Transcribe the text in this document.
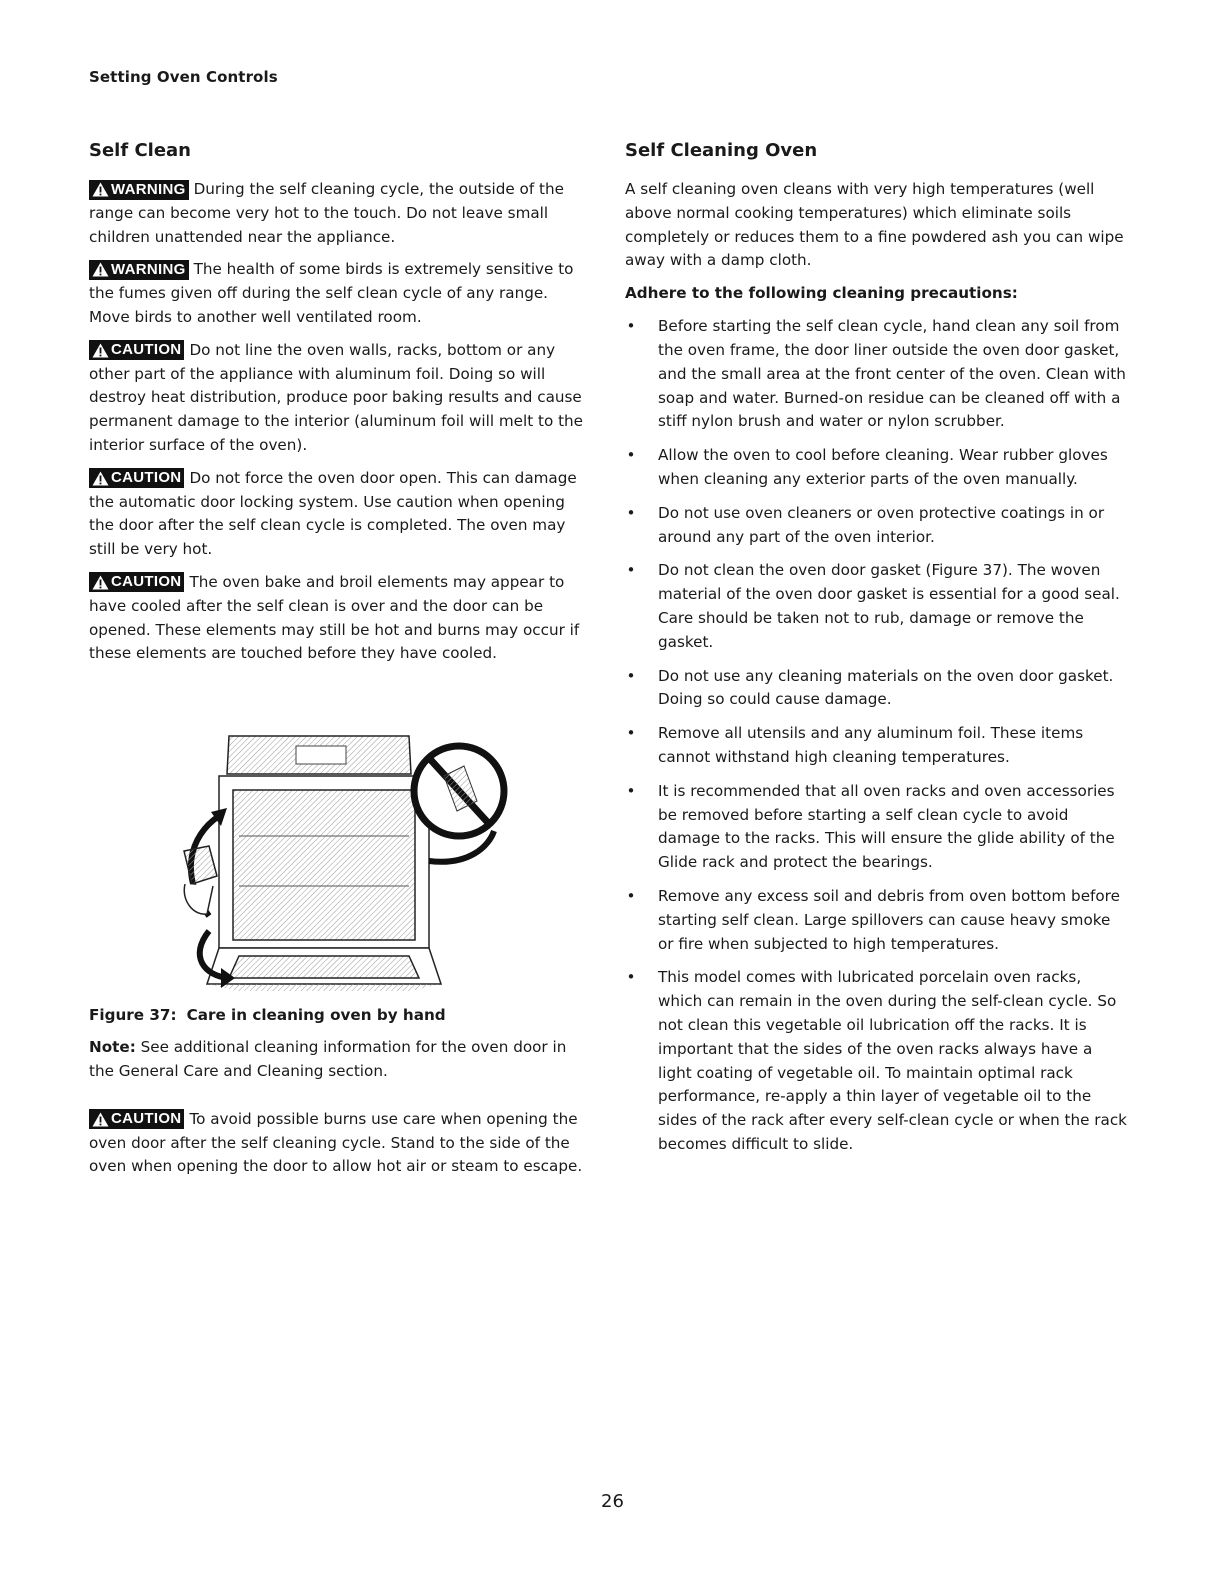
Setting Oven Controls
Self Clean

WARNING During the self cleaning cycle, the outside of the range can become very hot to the touch. Do not leave small children unattended near the appliance.

WARNING The health of some birds is extremely sensitive to the fumes given off during the self clean cycle of any range. Move birds to another well ventilated room.

CAUTION Do not line the oven walls, racks, bottom or any other part of the appliance with aluminum foil. Doing so will destroy heat distribution, produce poor baking results and cause permanent damage to the interior (aluminum foil will melt to the interior surface of the oven).

CAUTION Do not force the oven door open. This can damage the automatic door locking system. Use caution when opening the door after the self clean cycle is completed. The oven may still be very hot.

CAUTION The oven bake and broil elements may appear to have cooled after the self clean is over and the door can be opened. These elements may still be hot and burns may occur if these elements are touched before they have cooled.

Figure 37: Care in cleaning oven by hand

Note: See additional cleaning information for the oven door in the General Care and Cleaning section.

CAUTION To avoid possible burns use care when opening the oven door after the self cleaning cycle. Stand to the side of the oven when opening the door to allow hot air or steam to escape.

Self Cleaning Oven

A self cleaning oven cleans with very high temperatures (well above normal cooking temperatures) which eliminate soils completely or reduces them to a fine powdered ash you can wipe away with a damp cloth.

Adhere to the following cleaning precautions:
• Before starting the self clean cycle, hand clean any soil from the oven frame, the door liner outside the oven door gasket, and the small area at the front center of the oven. Clean with soap and water. Burned-on residue can be cleaned off with a stiff nylon brush and water or nylon scrubber.
• Allow the oven to cool before cleaning. Wear rubber gloves when cleaning any exterior parts of the oven manually.
• Do not use oven cleaners or oven protective coatings in or around any part of the oven interior.
• Do not clean the oven door gasket (Figure 37). The woven material of the oven door gasket is essential for a good seal. Care should be taken not to rub, damage or remove the gasket.
• Do not use any cleaning materials on the oven door gasket. Doing so could cause damage.
• Remove all utensils and any aluminum foil. These items cannot withstand high cleaning temperatures.
• It is recommended that all oven racks and oven accessories be removed before starting a self clean cycle to avoid damage to the racks. This will ensure the glide ability of the Glide rack and protect the bearings.
• Remove any excess soil and debris from oven bottom before starting self clean. Large spillovers can cause heavy smoke or fire when subjected to high temperatures.
• This model comes with lubricated porcelain oven racks, which can remain in the oven during the self-clean cycle. So not clean this vegetable oil lubrication off the racks. It is important that the sides of the oven racks always have a light coating of vegetable oil. To maintain optimal rack performance, re-apply a thin layer of vegetable oil to the sides of the rack after every self-clean cycle or when the rack becomes difficult to slide.
26
